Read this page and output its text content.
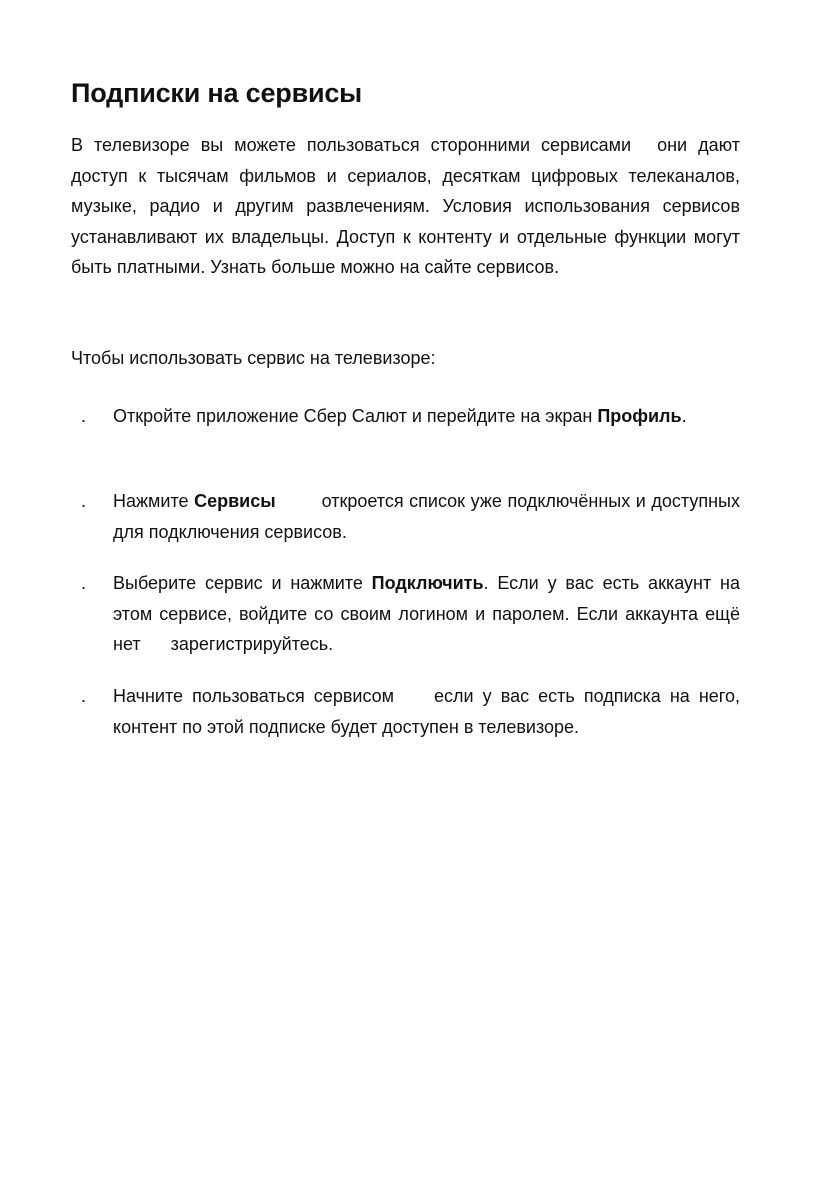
Подписки на сервисы

В телевизоре вы можете пользоваться сторонними сервисами они дают доступ к тысячам фильмов и сериалов, десяткам цифровых телеканалов, музыке, радио и другим развлечениям. Условия использования сервисов устанавливают их владельцы. Доступ к контенту и отдельные функции могут быть платными. Узнать больше можно на сайте сервисов.

Чтобы использовать сервис на телевизоре:

. Откройте приложение Сбер Салют и перейдите на экран Профиль.
. Нажмите Сервисы	откроется список уже подключённых и доступных для подключения сервисов.
. Выберите сервис и нажмите Подключить. Если у вас есть аккаунт на этом сервисе, войдите со своим логином и паролем. Если аккаунта ещё нет зарегистрируйтесь.
. Начните пользоваться сервисом если у вас есть подписка на него, контент по этой подписке будет доступен в телевизоре.
